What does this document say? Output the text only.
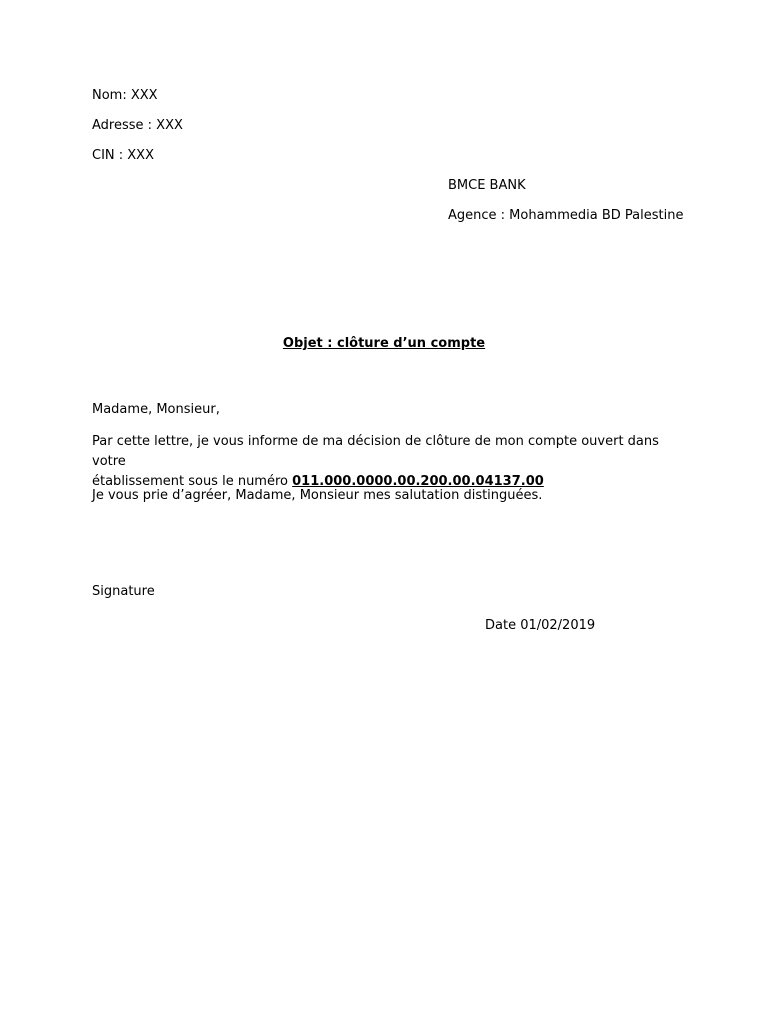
Nom: XXX
Adresse : XXX
CIN : XXX
BMCE BANK
Agence : Mohammedia BD Palestine
Objet : clôture d’un compte
Madame, Monsieur,
Par cette lettre, je vous informe de ma décision de clôture de mon compte ouvert dans votre
établissement sous le numéro 011.000.0000.00.200.00.04137.00
Je vous prie d’agréer, Madame, Monsieur mes salutation distinguées.
Signature
Date 01/02/2019
